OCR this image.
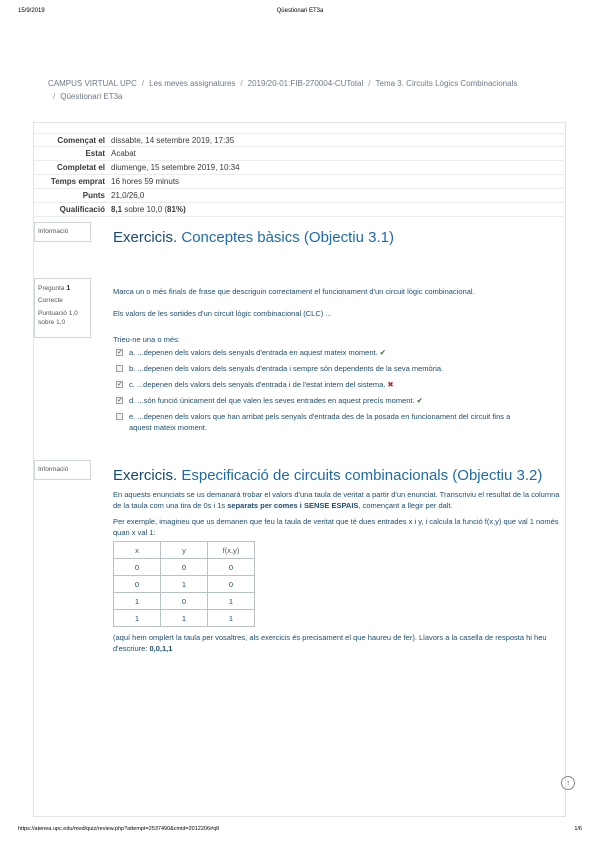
15/9/2019	Qüestionari ET3a
CAMPUS VIRTUAL UPC / Les meves assignatures / 2019/20-01:FIB-270004-CUTotal / Tema 3. Circuits Lògics Combinacionals
/ Qüestionari ET3a
Començat el dissabte, 14 setembre 2019, 17:35
Estat Acabat
Completat el diumenge, 15 setembre 2019, 10:34
Temps emprat 16 hores 59 minuts
Punts 21,0/26,0
Qualificació 8,1 sobre 10,0 (81%)
Informació	Exercicis. Conceptes bàsics (Objectiu 3.1)
Pregunta 1
Correcte
Puntuació 1,0
sobre 1,0
Marca un o més finals de frase que descriguin correctament el funcionament d'un circuit lògic combinacional.
Els valors de les sortides d'un circuit lògic combinacional (CLC) ...
Trieu-ne una o més:
✓
a. ...depenen dels valors dels senyals d'entrada en aquest mateix moment. ✔
b. ...depenen dels valors dels senyals d'entrada i sempre són dependents de la seva memòria.
✓
c. ...depenen dels valors dels senyals d'entrada i de l'estat intern del sistema. ✖
✓
d. ...són funció únicament del que valen les seves entrades en aquest precís moment. ✔
e. ...depenen dels valors que han arribat pels senyals d'entrada des de la posada en funcionament del circuit fins a aquest mateix moment.
Informació	Exercicis. Especificació de circuits combinacionals (Objectiu 3.2)
En aquests enunciats se us demanarà trobar el valors d'una taula de veritat a partir d'un enunciat. Transcriviu el resultat de la columna de la taula com una tira de 0s i 1s separats per comes i SENSE ESPAIS, començant a llegir per dalt.
Per exemple, imagineu que us demanen que feu la taula de veritat que té dues entrades x i y, i calcula la funció f(x,y) que val 1 només quan x val 1:
x	y	f(x,y)
0	0	0
0	1	0
1	0	1
1	1	1
(aquí hem omplert la taula per vosaltres, als exercicis és precisament el que haureu de fer). Llavors a la casella de resposta hi heu d'escriure: 0,0,1,1
↑
https://atenea.upc.edu/mod/quiz/review.php?attempt=2537490&cmid=2012206#q8	1/6
